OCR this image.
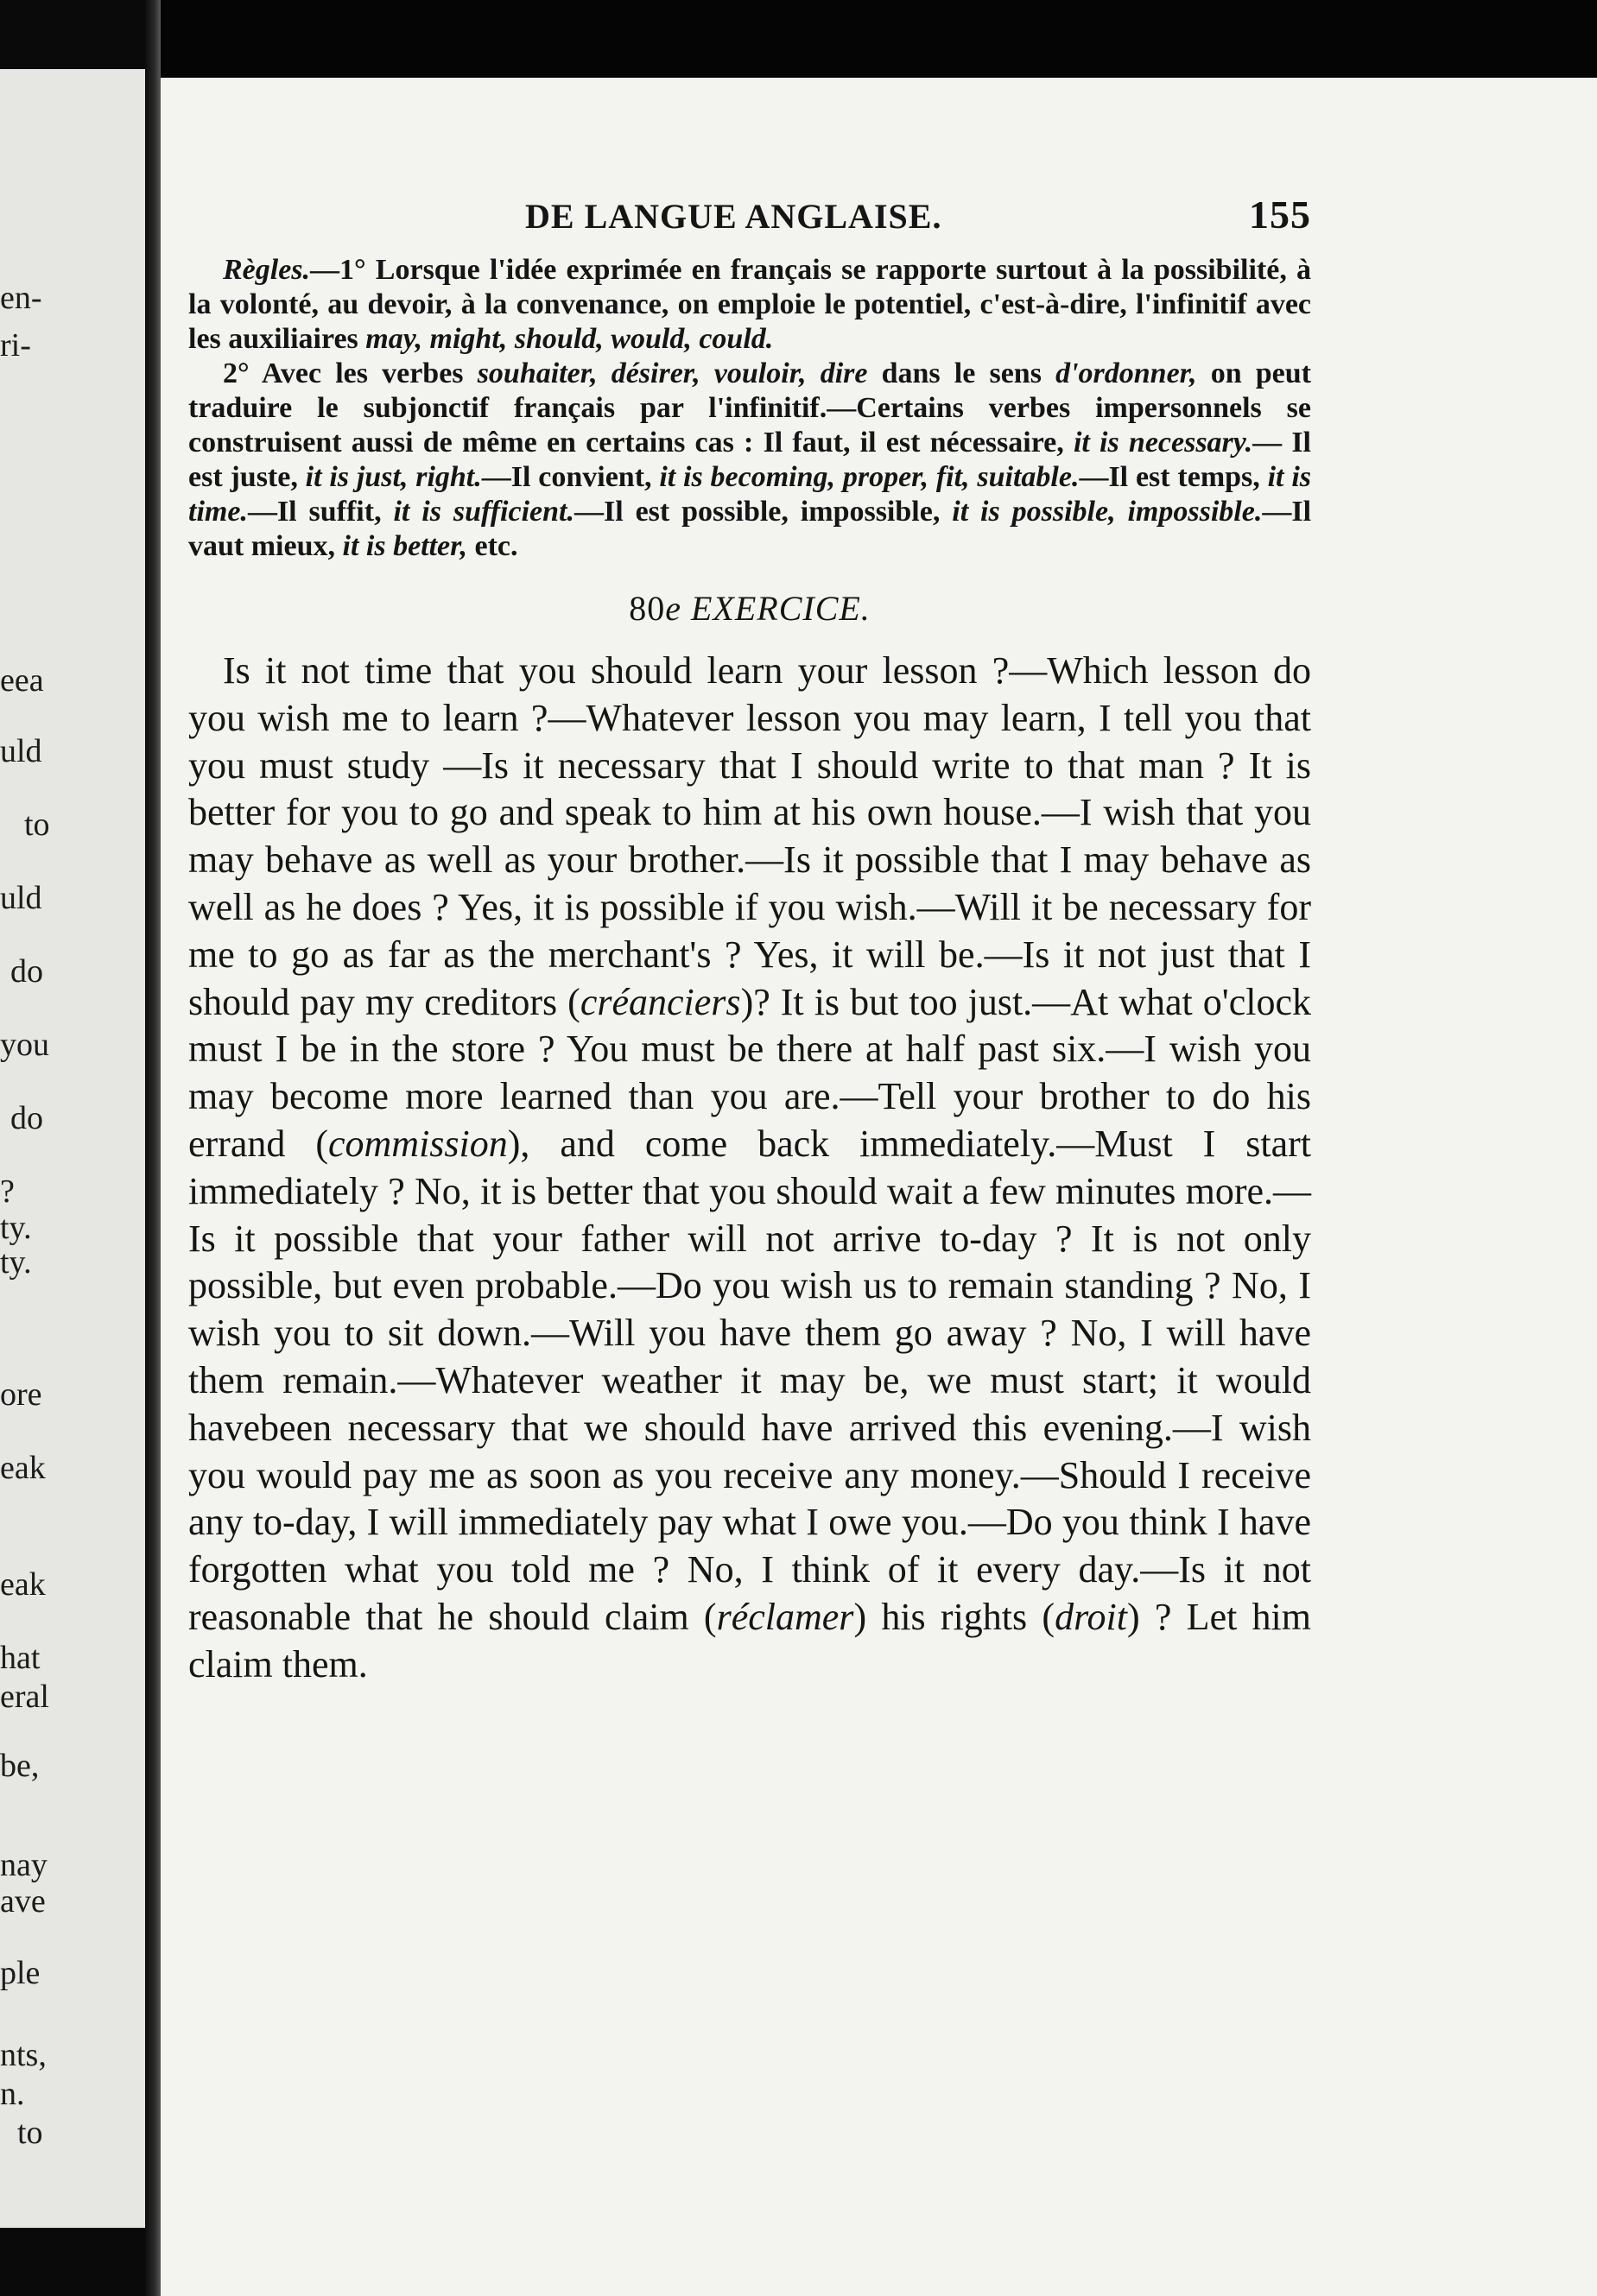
en-
ri-
eea
uld
to
uld
do
you
do
?
ty.
ty.
ore
eak
eak
hat
eral
be,
nay
ave
ple
nts,
n.
to
DE LANGUE ANGLAISE.	155

Règles.—1° Lorsque l'idée exprimée en français se rapporte surtout à la possibilité, à la volonté, au devoir, à la convenance, on emploie le potentiel, c'est-à-dire, l'infinitif avec les auxiliaires may, might, should, would, could.

2° Avec les verbes souhaiter, désirer, vouloir, dire dans le sens d'ordonner, on peut traduire le subjonctif français par l'infinitif.—Certains verbes impersonnels se construisent aussi de même en certains cas : Il faut, il est nécessaire, it is necessary.— Il est juste, it is just, right.—Il convient, it is becoming, proper, fit, suitable.—Il est temps, it is time.—Il suffit, it is sufficient.—Il est possible, impossible, it is possible, impossible.—Il vaut mieux, it is better, etc.

80e EXERCICE.

Is it not time that you should learn your lesson ?—Which lesson do you wish me to learn ?—Whatever lesson you may learn, I tell you that you must study —Is it necessary that I should write to that man ? It is better for you to go and speak to him at his own house.—I wish that you may behave as well as your brother.—Is it possible that I may behave as well as he does ? Yes, it is possible if you wish.—Will it be necessary for me to go as far as the merchant's ? Yes, it will be.—Is it not just that I should pay my creditors (créanciers)? It is but too just.—At what o'clock must I be in the store ? You must be there at half past six.—I wish you may become more learned than you are.—Tell your brother to do his errand (commission), and come back immediately.—Must I start immediately ? No, it is better that you should wait a few minutes more.—Is it possible that your father will not arrive to-day ? It is not only possible, but even probable.—Do you wish us to remain standing ? No, I wish you to sit down.—Will you have them go away ? No, I will have them remain.—Whatever weather it may be, we must start; it would havebeen necessary that we should have arrived this evening.—I wish you would pay me as soon as you receive any money.—Should I receive any to-day, I will immediately pay what I owe you.—Do you think I have forgotten what you told me ? No, I think of it every day.—Is it not reasonable that he should claim (réclamer) his rights (droit) ? Let him claim them.
